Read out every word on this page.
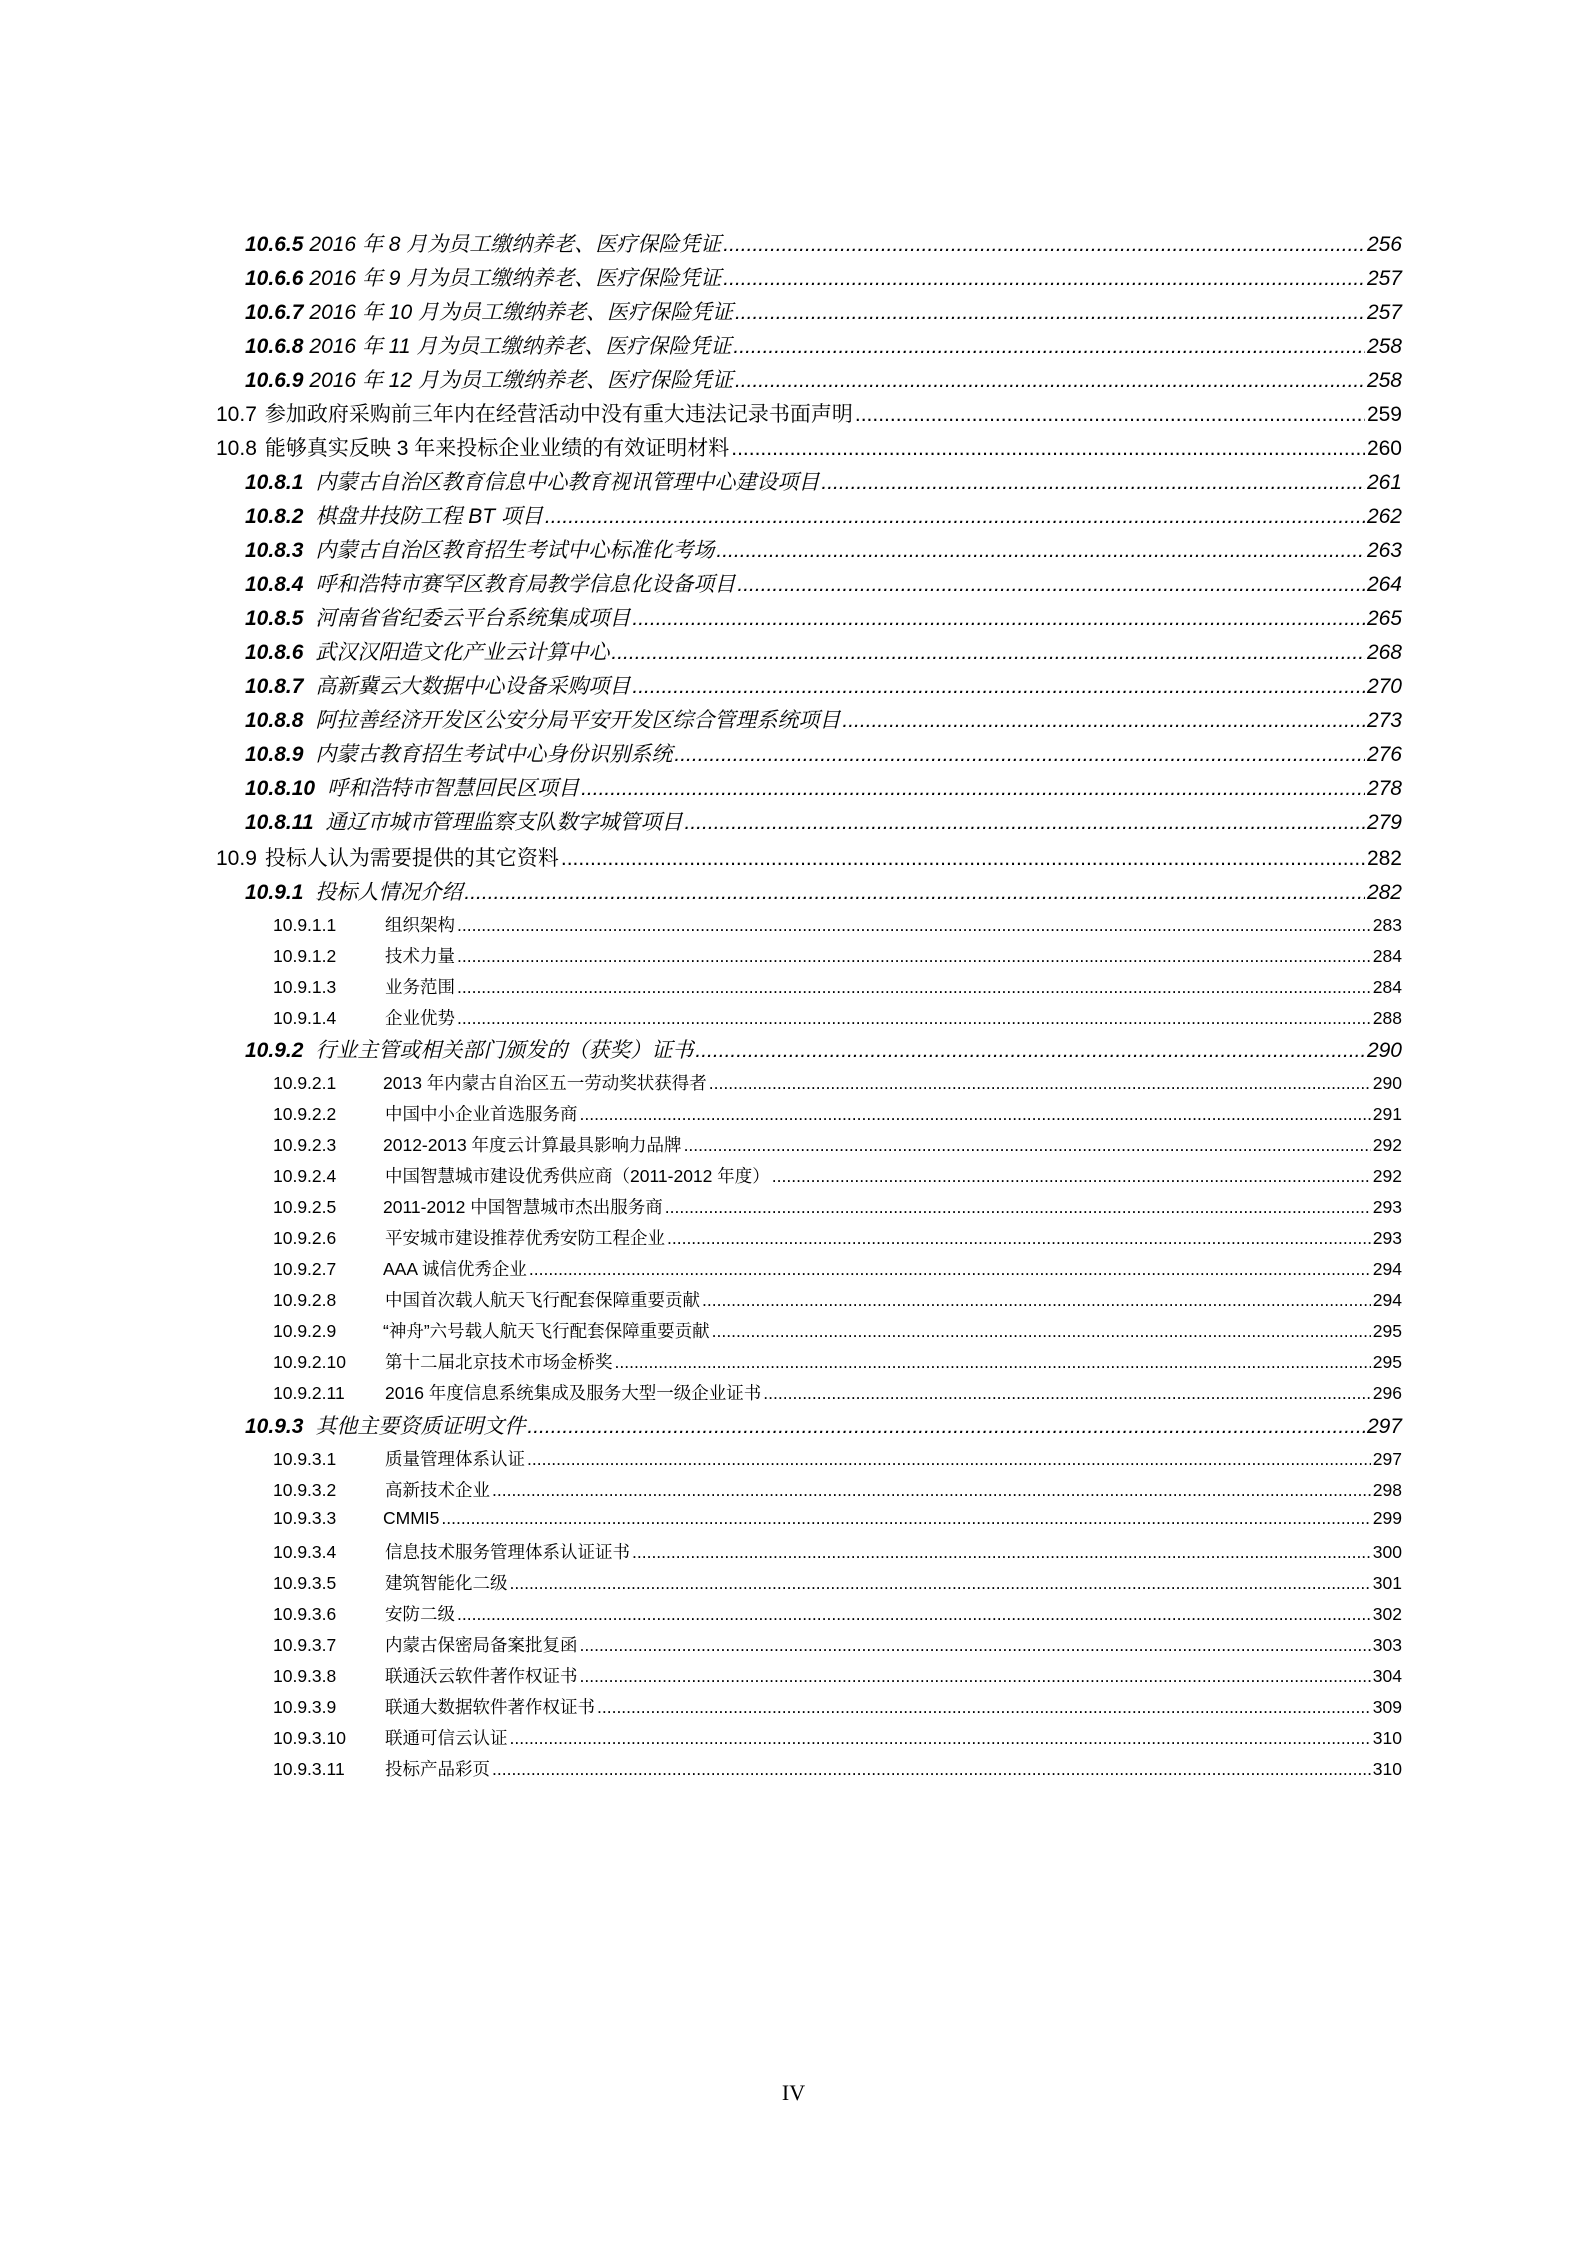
10.6.5 2016 年 8 月为员工缴纳养老、医疗保险凭证 .....	256
10.6.6 2016 年 9 月为员工缴纳养老、医疗保险凭证 .....	257
10.6.7 2016 年 10 月为员工缴纳养老、医疗保险凭证 .....	257
10.6.8 2016 年 11 月为员工缴纳养老、医疗保险凭证 .....	258
10.6.9 2016 年 12 月为员工缴纳养老、医疗保险凭证 .....	258
10.7 参加政府采购前三年内在经营活动中没有重大违法记录书面声明 .....	259
10.8 能够真实反映 3 年来投标企业业绩的有效证明材料 .....	260
10.8.1 内蒙古自治区教育信息中心教育视讯管理中心建设项目 .....	261
10.8.2 棋盘井技防工程 BT 项目 .....	262
10.8.3 内蒙古自治区教育招生考试中心标准化考场 .....	263
10.8.4 呼和浩特市赛罕区教育局教学信息化设备项目 .....	264
10.8.5 河南省省纪委云平台系统集成项目 .....	265
10.8.6 武汉汉阳造文化产业云计算中心 .....	268
10.8.7 高新冀云大数据中心设备采购项目 .....	270
10.8.8 阿拉善经济开发区公安分局平安开发区综合管理系统项目 .....	273
10.8.9 内蒙古教育招生考试中心身份识别系统 .....	276
10.8.10 呼和浩特市智慧回民区项目 .....	278
10.8.11 通辽市城市管理监察支队数字城管项目 .....	279
10.9 投标人认为需要提供的其它资料 .....	282
10.9.1 投标人情况介绍 .....	282
10.9.1.1	组织架构 .....	283
10.9.1.2	技术力量 .....	284
10.9.1.3	业务范围 .....	284
10.9.1.4	企业优势 .....	288
10.9.2 行业主管或相关部门颁发的（获奖）证书 .....	290
10.9.2.1	2013 年内蒙古自治区五一劳动奖状获得者 .....	290
10.9.2.2	中国中小企业首选服务商 .....	291
10.9.2.3	2012-2013 年度云计算最具影响力品牌 .....	292
10.9.2.4	中国智慧城市建设优秀供应商（2011-2012 年度） .....	292
10.9.2.5	2011-2012 中国智慧城市杰出服务商 .....	293
10.9.2.6	平安城市建设推荐优秀安防工程企业 .....	293
10.9.2.7	AAA 诚信优秀企业 .....	294
10.9.2.8	中国首次载人航天飞行配套保障重要贡献 .....	294
10.9.2.9	“神舟”六号载人航天飞行配套保障重要贡献 .....	295
10.9.2.10	第十二届北京技术市场金桥奖 .....	295
10.9.2.11	2016 年度信息系统集成及服务大型一级企业证书 .....	296
10.9.3 其他主要资质证明文件 .....	297
10.9.3.1	质量管理体系认证 .....	297
10.9.3.2	高新技术企业 .....	298
10.9.3.3	CMMI5 .....	299
10.9.3.4	信息技术服务管理体系认证证书 .....	300
10.9.3.5	建筑智能化二级 .....	301
10.9.3.6	安防二级 .....	302
10.9.3.7	内蒙古保密局备案批复函 .....	303
10.9.3.8	联通沃云软件著作权证书 .....	304
10.9.3.9	联通大数据软件著作权证书 .....	309
10.9.3.10	联通可信云认证 .....	310
10.9.3.11	投标产品彩页 .....	310
IV
